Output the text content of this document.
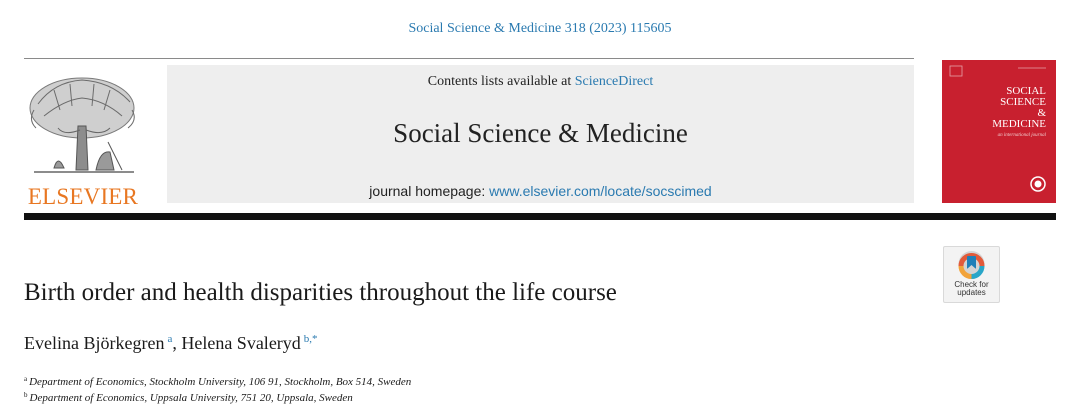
Social Science & Medicine 318 (2023) 115605
ELSEVIER
Contents lists available at ScienceDirect
Social Science & Medicine
journal homepage: www.elsevier.com/locate/socscimed
SOCIAL
SCIENCE
&
MEDICINE
an international journal
Check for
updates
Birth order and health disparities throughout the life course
Evelina Björkegren $^a$, Helena Svaleryd $^{b,*}$
$^a$ Department of Economics, Stockholm University, 106 91, Stockholm, Box 514, Sweden
$^b$ Department of Economics, Uppsala University, 751 20, Uppsala, Sweden
